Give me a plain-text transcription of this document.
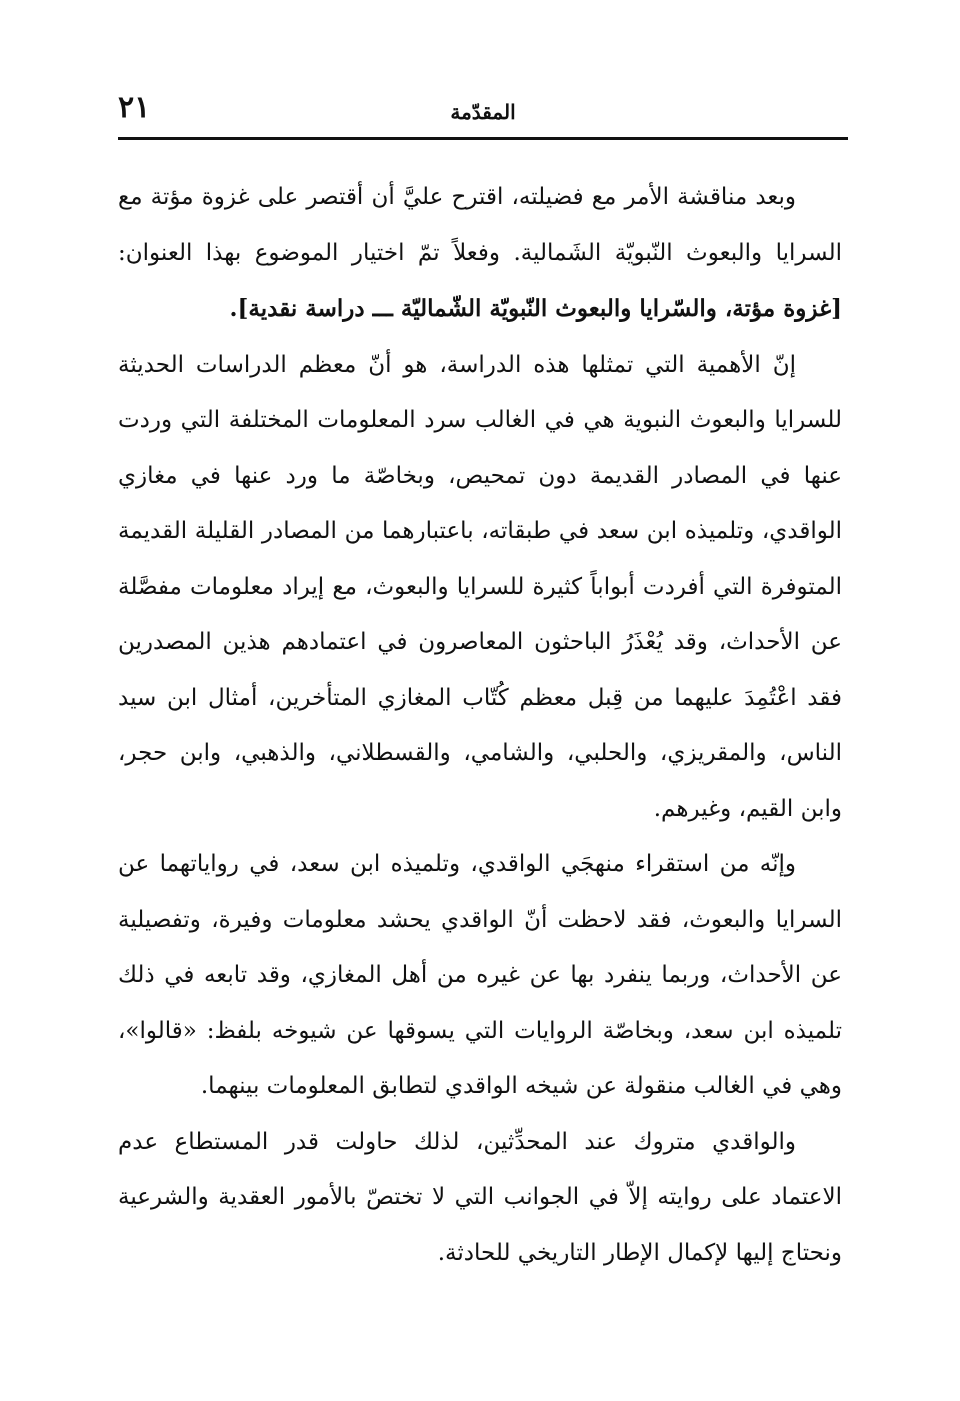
٢١	المقدّمة

وبعد مناقشة الأمر مع فضيلته، اقترح عليَّ أن أقتصر على غزوة مؤتة مع السرايا والبعوث النّبويّة الشَمالية. وفعلاً تمّ اختيار الموضوع بهذا العنوان: [غزوة مؤتة، والسّرايا والبعوث النّبويّة الشّماليّة ـــ دراسة نقدية].

إنّ الأهمية التي تمثلها هذه الدراسة، هو أنّ معظم الدراسات الحديثة للسرايا والبعوث النبوية هي في الغالب سرد المعلومات المختلفة التي وردت عنها في المصادر القديمة دون تمحيص، وبخاصّة ما ورد عنها في مغازي الواقدي، وتلميذه ابن سعد في طبقاته، باعتبارهما من المصادر القليلة القديمة المتوفرة التي أفردت أبواباً كثيرة للسرايا والبعوث، مع إيراد معلومات مفصَّلة عن الأحداث، وقد يُعْذَرُ الباحثون المعاصرون في اعتمادهم هذين المصدرين فقد اعْتُمِدَ عليهما من قِبل معظم كُتّاب المغازي المتأخرين، أمثال ابن سيد الناس، والمقريزي، والحلبي، والشامي، والقسطلاني، والذهبي، وابن حجر، وابن القيم، وغيرهم.

وإنّه من استقراء منهجَي الواقدي، وتلميذه ابن سعد، في رواياتهما عن السرايا والبعوث، فقد لاحظت أنّ الواقدي يحشد معلومات وفيرة، وتفصيلية عن الأحداث، وربما ينفرد بها عن غيره من أهل المغازي، وقد تابعه في ذلك تلميذه ابن سعد، وبخاصّة الروايات التي يسوقها عن شيوخه بلفظ: «قالوا»، وهي في الغالب منقولة عن شيخه الواقدي لتطابق المعلومات بينهما.

والواقدي متروك عند المحدِّثين، لذلك حاولت قدر المستطاع عدم الاعتماد على روايته إلاّ في الجوانب التي لا تختصّ بالأمور العقدية والشرعية ونحتاج إليها لإكمال الإطار التاريخي للحادثة.
